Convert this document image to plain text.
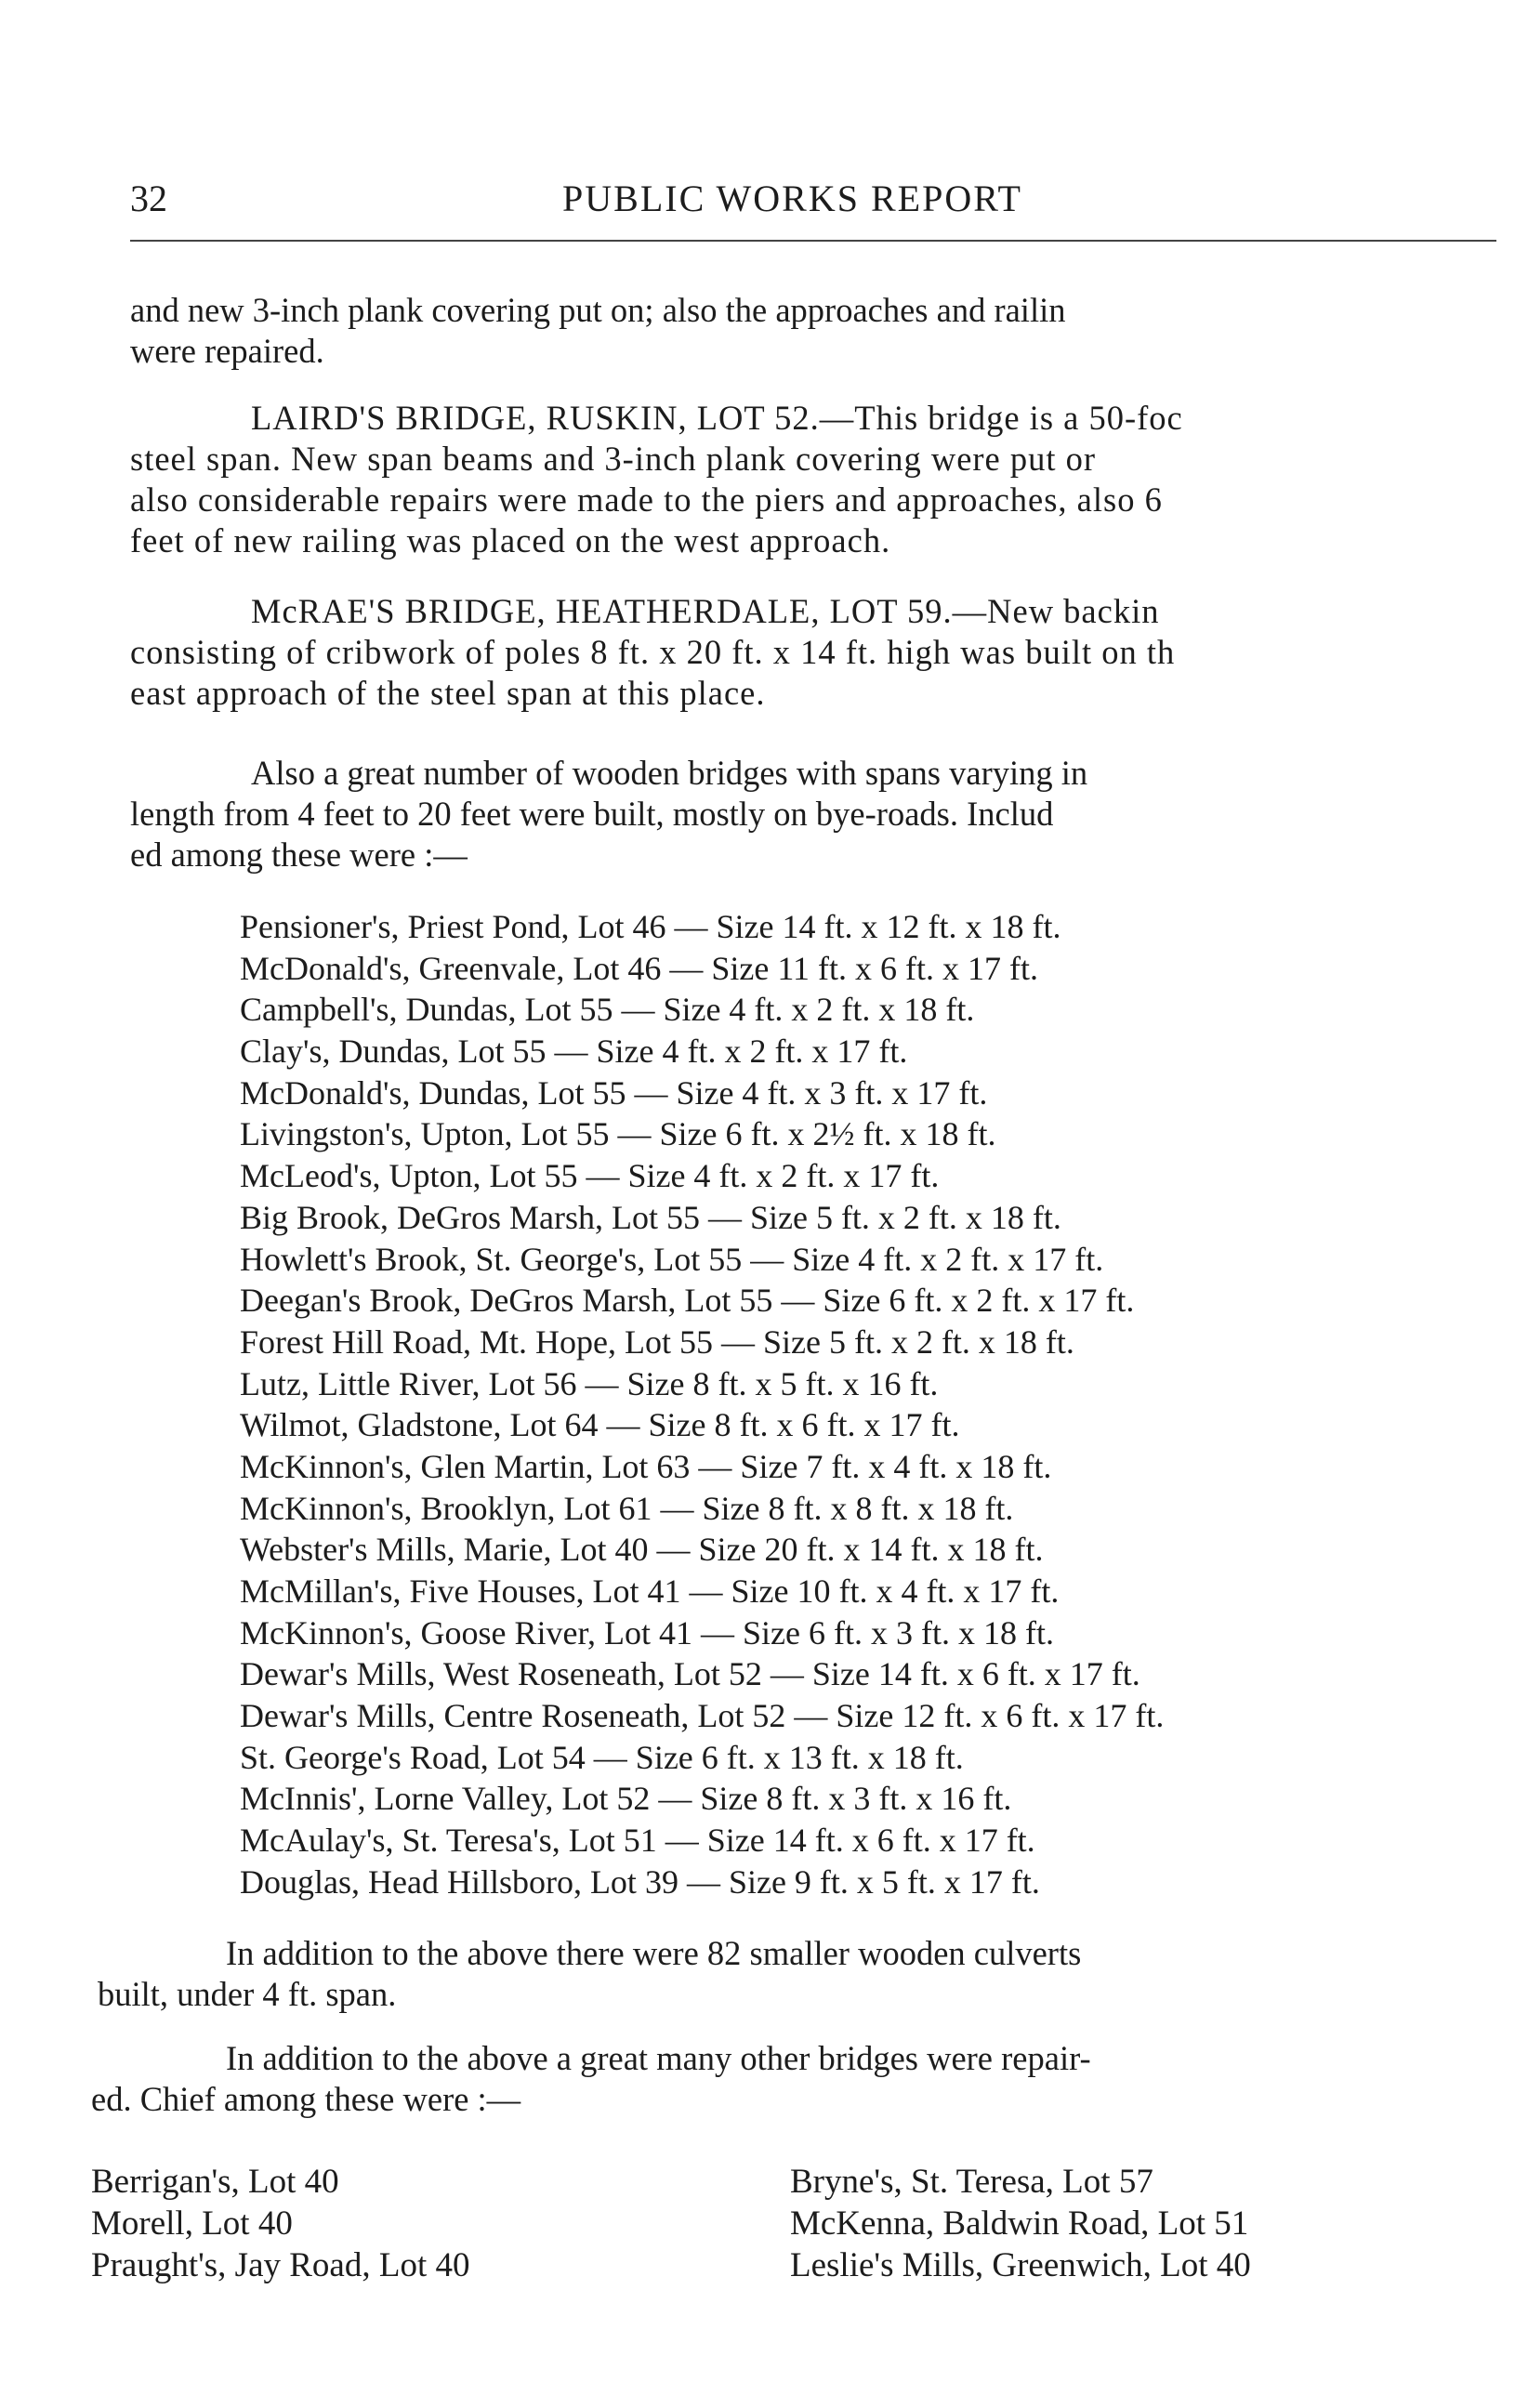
32	PUBLIC WORKS REPORT
and new 3-inch plank covering put on; also the approaches and railin
were repaired.
LAIRD'S BRIDGE, RUSKIN, LOT 52.—This bridge is a 50-foc
steel span. New span beams and 3-inch plank covering were put or
also considerable repairs were made to the piers and approaches, also 6
feet of new railing was placed on the west approach.
McRAE'S BRIDGE, HEATHERDALE, LOT 59.—New backin
consisting of cribwork of poles 8 ft. x 20 ft. x 14 ft. high was built on th
east approach of the steel span at this place.
Also a great number of wooden bridges with spans varying in
length from 4 feet to 20 feet were built, mostly on bye-roads. Includ
ed among these were :—
Pensioner's, Priest Pond, Lot 46 — Size 14 ft. x 12 ft. x 18 ft.
McDonald's, Greenvale, Lot 46 — Size 11 ft. x 6 ft. x 17 ft.
Campbell's, Dundas, Lot 55 — Size 4 ft. x 2 ft. x 18 ft.
Clay's, Dundas, Lot 55 — Size 4 ft. x 2 ft. x 17 ft.
McDonald's, Dundas, Lot 55 — Size 4 ft. x 3 ft. x 17 ft.
Livingston's, Upton, Lot 55 — Size 6 ft. x 2½ ft. x 18 ft.
McLeod's, Upton, Lot 55 — Size 4 ft. x 2 ft. x 17 ft.
Big Brook, DeGros Marsh, Lot 55 — Size 5 ft. x 2 ft. x 18 ft.
Howlett's Brook, St. George's, Lot 55 — Size 4 ft. x 2 ft. x 17 ft.
Deegan's Brook, DeGros Marsh, Lot 55 — Size 6 ft. x 2 ft. x 17 ft.
Forest Hill Road, Mt. Hope, Lot 55 — Size 5 ft. x 2 ft. x 18 ft.
Lutz, Little River, Lot 56 — Size 8 ft. x 5 ft. x 16 ft.
Wilmot, Gladstone, Lot 64 — Size 8 ft. x 6 ft. x 17 ft.
McKinnon's, Glen Martin, Lot 63 — Size 7 ft. x 4 ft. x 18 ft.
McKinnon's, Brooklyn, Lot 61 — Size 8 ft. x 8 ft. x 18 ft.
Webster's Mills, Marie, Lot 40 — Size 20 ft. x 14 ft. x 18 ft.
McMillan's, Five Houses, Lot 41 — Size 10 ft. x 4 ft. x 17 ft.
McKinnon's, Goose River, Lot 41 — Size 6 ft. x 3 ft. x 18 ft.
Dewar's Mills, West Roseneath, Lot 52 — Size 14 ft. x 6 ft. x 17 ft.
Dewar's Mills, Centre Roseneath, Lot 52 — Size 12 ft. x 6 ft. x 17 ft.
St. George's Road, Lot 54 — Size 6 ft. x 13 ft. x 18 ft.
McInnis', Lorne Valley, Lot 52 — Size 8 ft. x 3 ft. x 16 ft.
McAulay's, St. Teresa's, Lot 51 — Size 14 ft. x 6 ft. x 17 ft.
Douglas, Head Hillsboro, Lot 39 — Size 9 ft. x 5 ft. x 17 ft.
In addition to the above there were 82 smaller wooden culverts
built, under 4 ft. span.
In addition to the above a great many other bridges were repair-
ed. Chief among these were :—
Berrigan's, Lot 40
Morell, Lot 40
Praught's, Jay Road, Lot 40
Bryne's, St. Teresa, Lot 57
McKenna, Baldwin Road, Lot 51
Leslie's Mills, Greenwich, Lot 40
